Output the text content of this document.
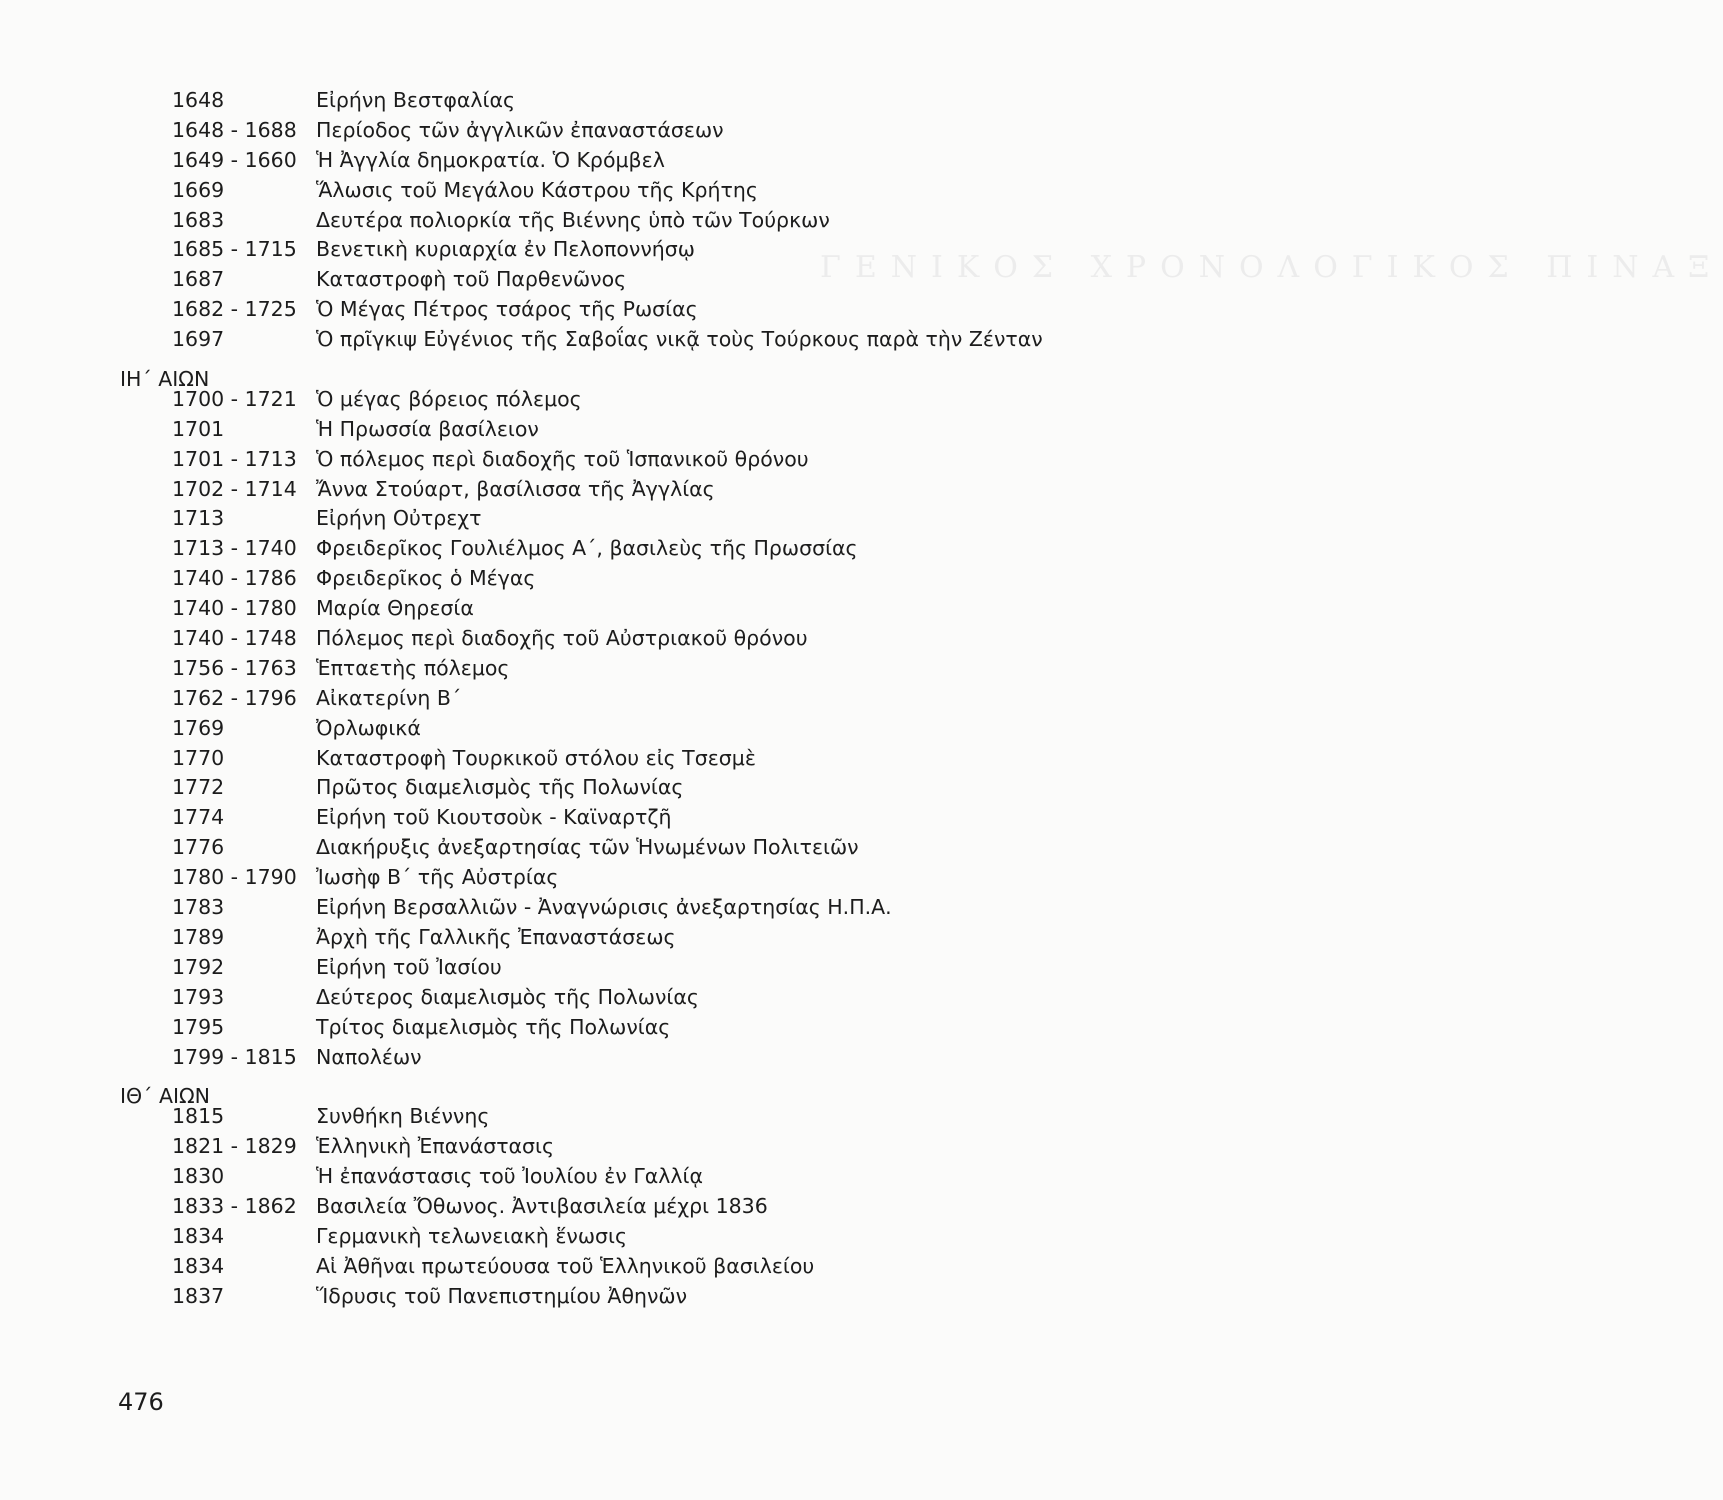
ΓΕΝΙΚΟΣ ΧΡΟΝΟΛΟΓΙΚΟΣ ΠΙΝΑΞ
1648	Εἰρήνη Βεστφαλίας
1648 - 1688 Περίοδος τῶν ἀγγλικῶν ἐπαναστάσεων
1649 - 1660 Ἡ Ἀγγλία δημοκρατία. Ὁ Κρόμβελ
1669	Ἅλωσις τοῦ Μεγάλου Κάστρου τῆς Κρήτης
1683	Δευτέρα πολιορκία τῆς Βιέννης ὑπὸ τῶν Τούρκων
1685 - 1715 Βενετικὴ κυριαρχία ἐν Πελοποννήσῳ
1687	Καταστροφὴ τοῦ Παρθενῶνος
1682 - 1725 Ὁ Μέγας Πέτρος τσάρος τῆς Ρωσίας
1697	Ὁ πρῖγκιψ Εὐγένιος τῆς Σαβοΐας νικᾷ τοὺς Τούρκους παρὰ τὴν Ζένταν
ΙΗ΄ ΑΙΩΝ
1700 - 1721 Ὁ μέγας βόρειος πόλεμος
1701	Ἡ Πρωσσία βασίλειον
1701 - 1713 Ὁ πόλεμος περὶ διαδοχῆς τοῦ Ἱσπανικοῦ θρόνου
1702 - 1714 Ἄννα Στούαρτ, βασίλισσα τῆς Ἀγγλίας
1713	Εἰρήνη Οὐτρεχτ
1713 - 1740 Φρειδερῖκος Γουλιέλμος Α΄, βασιλεὺς τῆς Πρωσσίας
1740 - 1786 Φρειδερῖκος ὁ Μέγας
1740 - 1780 Μαρία Θηρεσία
1740 - 1748 Πόλεμος περὶ διαδοχῆς τοῦ Αὐστριακοῦ θρόνου
1756 - 1763 Ἑπταετὴς πόλεμος
1762 - 1796 Αἰκατερίνη Β΄
1769	Ὀρλωφικά
1770	Καταστροφὴ Τουρκικοῦ στόλου εἰς Τσεσμὲ
1772	Πρῶτος διαμελισμὸς τῆς Πολωνίας
1774	Εἰρήνη τοῦ Κιουτσοὺκ - Καϊναρτζῆ
1776	Διακήρυξις ἀνεξαρτησίας τῶν Ἡνωμένων Πολιτειῶν
1780 - 1790 Ἰωσὴφ Β΄ τῆς Αὐστρίας
1783	Εἰρήνη Βερσαλλιῶν - Ἀναγνώρισις ἀνεξαρτησίας Η.Π.Α.
1789	Ἀρχὴ τῆς Γαλλικῆς Ἐπαναστάσεως
1792	Εἰρήνη τοῦ Ἰασίου
1793	Δεύτερος διαμελισμὸς τῆς Πολωνίας
1795	Τρίτος διαμελισμὸς τῆς Πολωνίας
1799 - 1815 Ναπολέων
ΙΘ΄ ΑΙΩΝ
1815	Συνθήκη Βιέννης
1821 - 1829 Ἑλληνικὴ Ἐπανάστασις
1830	Ἡ ἐπανάστασις τοῦ Ἰουλίου ἐν Γαλλίᾳ
1833 - 1862 Βασιλεία Ὄθωνος. Ἀντιβασιλεία μέχρι 1836
1834	Γερμανικὴ τελωνειακὴ ἕνωσις
1834	Αἱ Ἀθῆναι πρωτεύουσα τοῦ Ἑλληνικοῦ βασιλείου
1837	Ἵδρυσις τοῦ Πανεπιστημίου Ἀθηνῶν
476
